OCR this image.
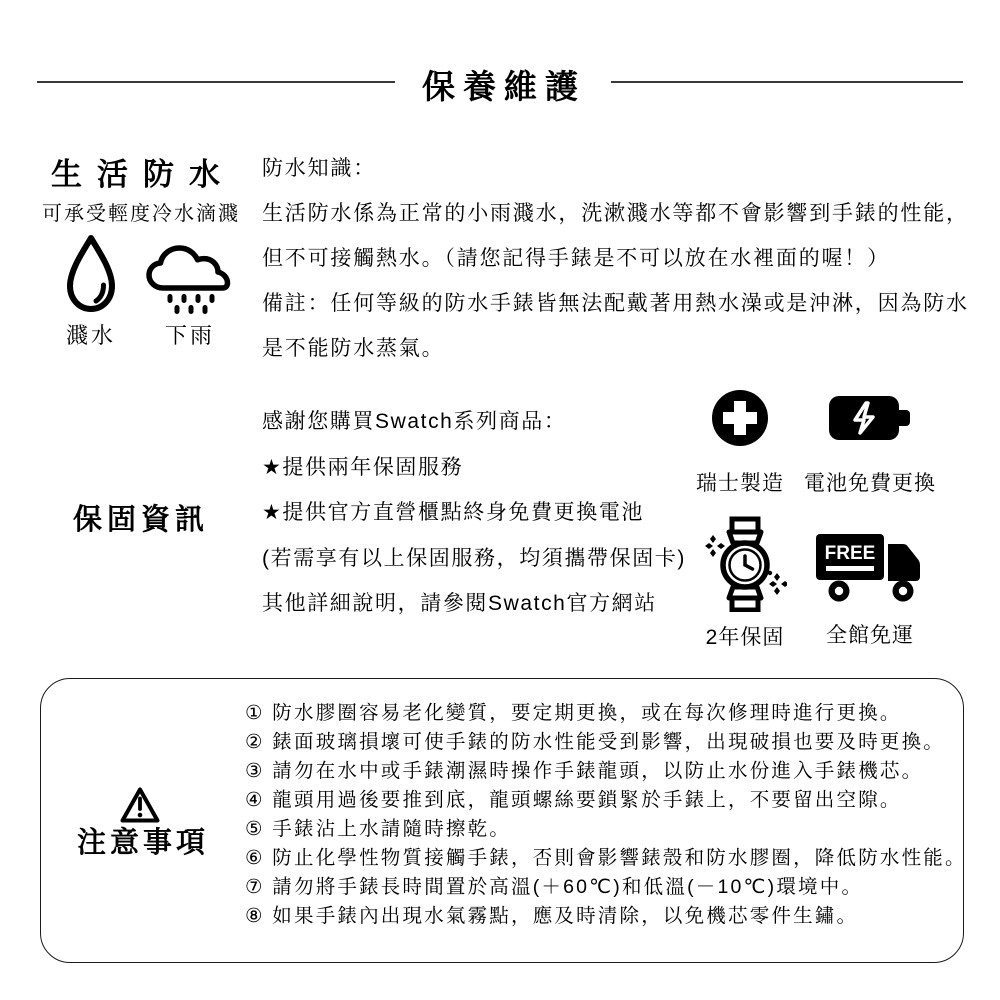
保養維護
生活防水
可承受輕度冷水滴濺
濺水	下雨
防水知識：
生活防水係為正常的小雨濺水，洗漱濺水等都不會影響到手錶的性能，
但不可接觸熱水。（請您記得手錶是不可以放在水裡面的喔！）
備註：任何等級的防水手錶皆無法配戴著用熱水澡或是沖淋，因為防水
是不能防水蒸氣。
保固資訊
感謝您購買Swatch系列商品：
★提供兩年保固服務
★提供官方直營櫃點終身免費更換電池
(若需享有以上保固服務，均須攜帶保固卡)
其他詳細說明，請參閱Swatch官方網站
瑞士製造 電池免費更換
2年保固
FREE
全館免運
注意事項
① 防水膠圈容易老化變質，要定期更換，或在每次修理時進行更換。
② 錶面玻璃損壞可使手錶的防水性能受到影響，出現破損也要及時更換。
③ 請勿在水中或手錶潮濕時操作手錶龍頭，以防止水份進入手錶機芯。
④ 龍頭用過後要推到底，龍頭螺絲要鎖緊於手錶上，不要留出空隙。
⑤ 手錶沾上水請隨時擦乾。
⑥ 防止化學性物質接觸手錶，否則會影響錶殼和防水膠圈，降低防水性能。
⑦ 請勿將手錶長時間置於高溫(＋60℃)和低溫(－10℃)環境中。
⑧ 如果手錶內出現水氣霧點，應及時清除，以免機芯零件生鏽。
